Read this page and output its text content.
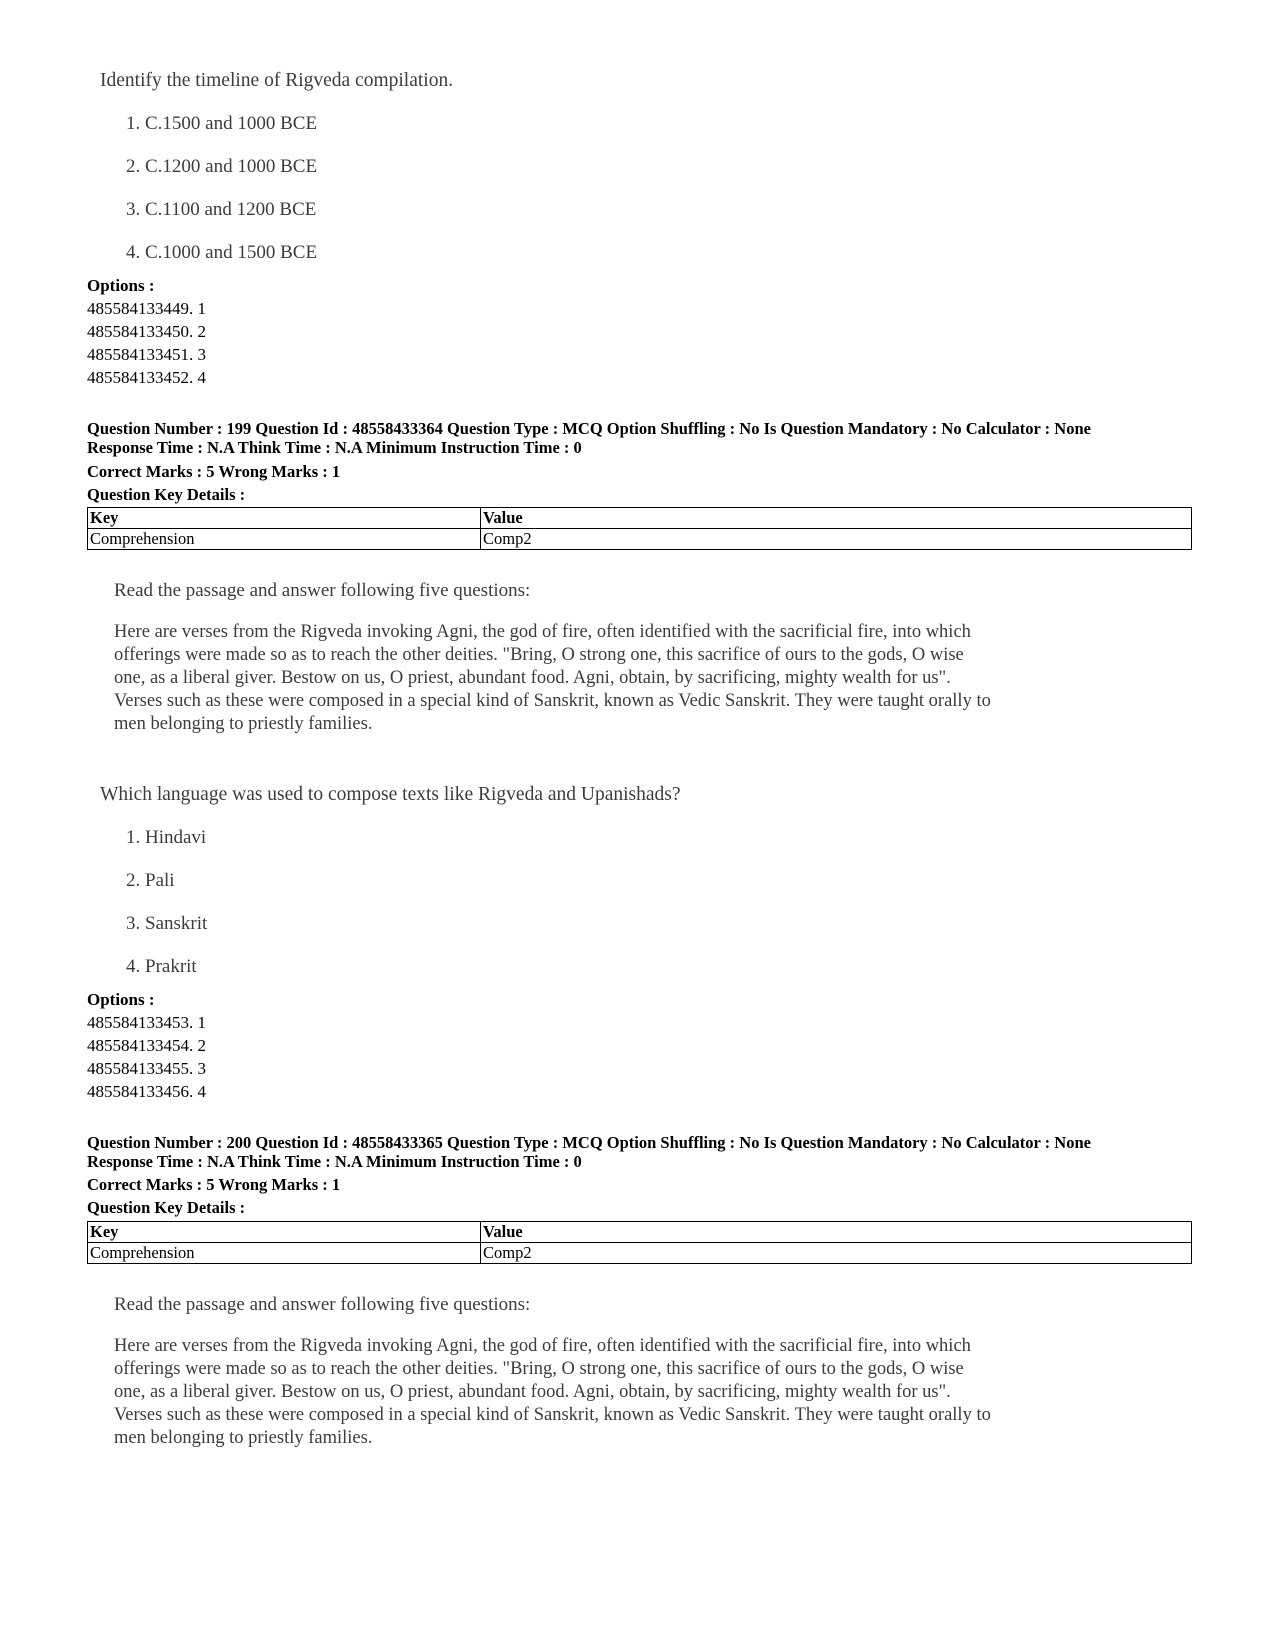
Identify the timeline of Rigveda compilation.
1. C.1500 and 1000 BCE
2. C.1200 and 1000 BCE
3. C.1100 and 1200 BCE
4. C.1000 and 1500 BCE
Options :
485584133449. 1
485584133450. 2
485584133451. 3
485584133452. 4
Question Number : 199 Question Id : 48558433364 Question Type : MCQ Option Shuffling : No Is Question Mandatory : No Calculator : None
Response Time : N.A Think Time : N.A Minimum Instruction Time : 0
Correct Marks : 5 Wrong Marks : 1
Question Key Details :
Key	Value
Comprehension	Comp2
Read the passage and answer following five questions:
Here are verses from the Rigveda invoking Agni, the god of fire, often identified with the sacrificial fire, into which offerings were made so as to reach the other deities. "Bring, O strong one, this sacrifice of ours to the gods, O wise one, as a liberal giver. Bestow on us, O priest, abundant food. Agni, obtain, by sacrificing, mighty wealth for us". Verses such as these were composed in a special kind of Sanskrit, known as Vedic Sanskrit. They were taught orally to men belonging to priestly families.
Which language was used to compose texts like Rigveda and Upanishads?
1. Hindavi
2. Pali
3. Sanskrit
4. Prakrit
Options :
485584133453. 1
485584133454. 2
485584133455. 3
485584133456. 4
Question Number : 200 Question Id : 48558433365 Question Type : MCQ Option Shuffling : No Is Question Mandatory : No Calculator : None
Response Time : N.A Think Time : N.A Minimum Instruction Time : 0
Correct Marks : 5 Wrong Marks : 1
Question Key Details :
Key	Value
Comprehension	Comp2
Read the passage and answer following five questions:
Here are verses from the Rigveda invoking Agni, the god of fire, often identified with the sacrificial fire, into which offerings were made so as to reach the other deities. "Bring, O strong one, this sacrifice of ours to the gods, O wise one, as a liberal giver. Bestow on us, O priest, abundant food. Agni, obtain, by sacrificing, mighty wealth for us". Verses such as these were composed in a special kind of Sanskrit, known as Vedic Sanskrit. They were taught orally to men belonging to priestly families.
